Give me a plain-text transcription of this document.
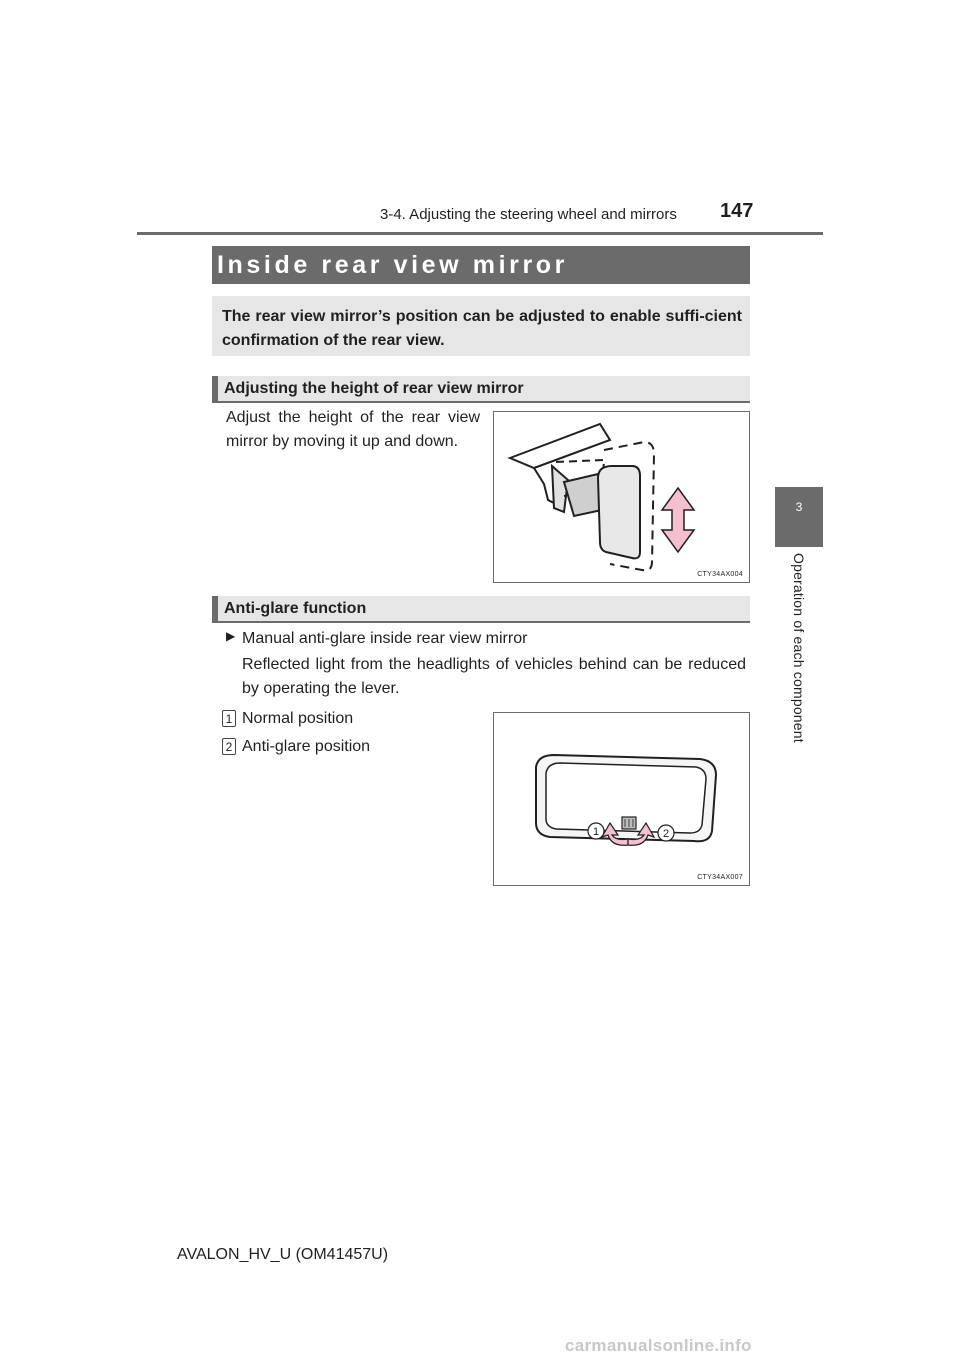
3-4. Adjusting the steering wheel and mirrors 147
3
Operation of each component
Inside rear view mirror
The rear view mirror’s position can be adjusted to enable suffi-cient confirmation of the rear view.
Adjusting the height of rear view mirror
Adjust the height of the rear view mirror by moving it up and down.
CTY34AX004
Anti-glare function
▶ Manual anti-glare inside rear view mirror
Reflected light from the headlights of vehicles behind can be reduced by operating the lever.
1 Normal position
2 Anti-glare position
1	2
CTY34AX007
AVALON_HV_U (OM41457U)
carmanualsonline.info
